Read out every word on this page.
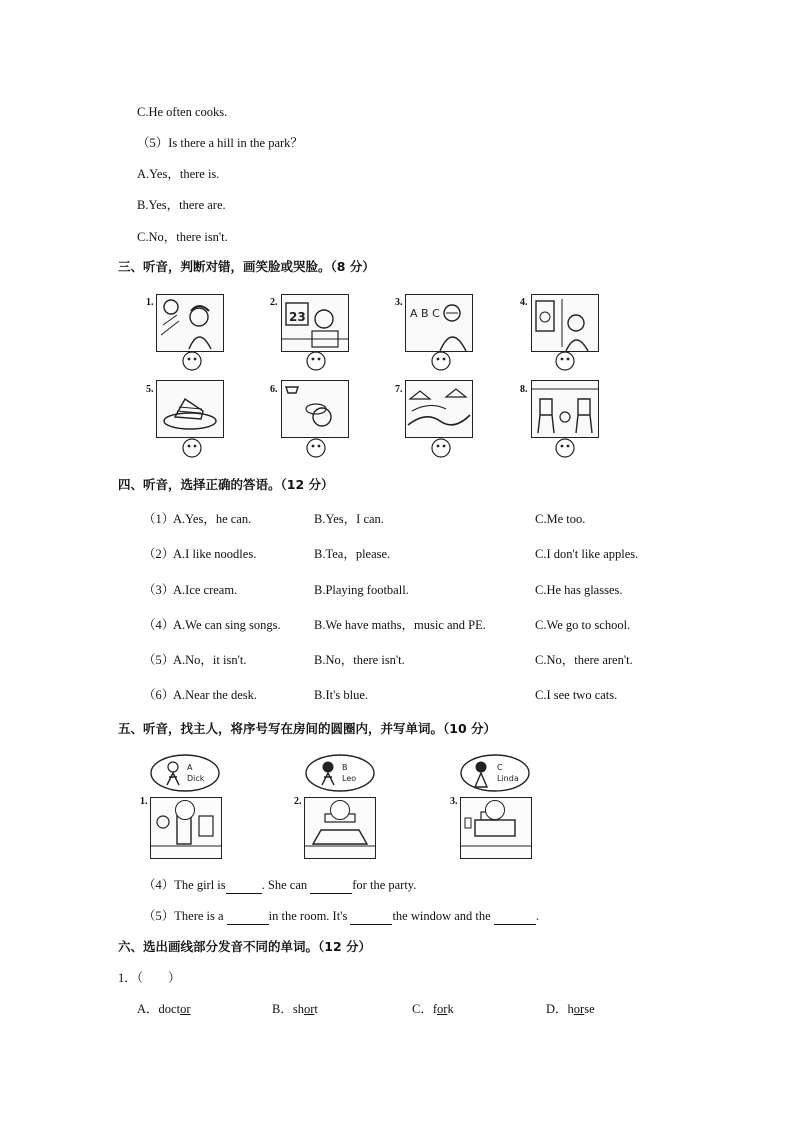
C.He often cooks.
（5）Is there a hill in the park？
A.Yes，there is.
B.Yes，there are.
C.No，there isn't.
三、听音，判断对错，画笑脸或哭脸。（8 分）
1.	2.
23
3.
A B C
4.
5.	6.	7.	8.
四、听音，选择正确的答语。（12 分）
（1）
A.Yes，he can.	B.Yes，I can.	C.Me too.
（2）
A.I like noodles.	B.Tea，please.	C.I don't like apples.
（3）
A.Ice cream.	B.Playing football.	C.He has glasses.
（4）
A.We can sing songs.	B.We have maths，music and PE.	C.We go to school.
（5）
A.No，it isn't.	B.No，there isn't.	C.No，there aren't.
（6）
A.Near the desk.	B.It's blue.	C.I see two cats.
五、听音，找主人，将序号写在房间的圆圈内，并写单词。（10 分）
A
Dick
B
Leo
C
Linda
1.	2.	3.
（4）The girl is	. She can	for the party.
（5）There is a	in the room. It's	the window and the	.
六、选出画线部分发音不同的单词。（12 分）
1．（　　）
A．doctor	B．short	C．fork	D．horse
